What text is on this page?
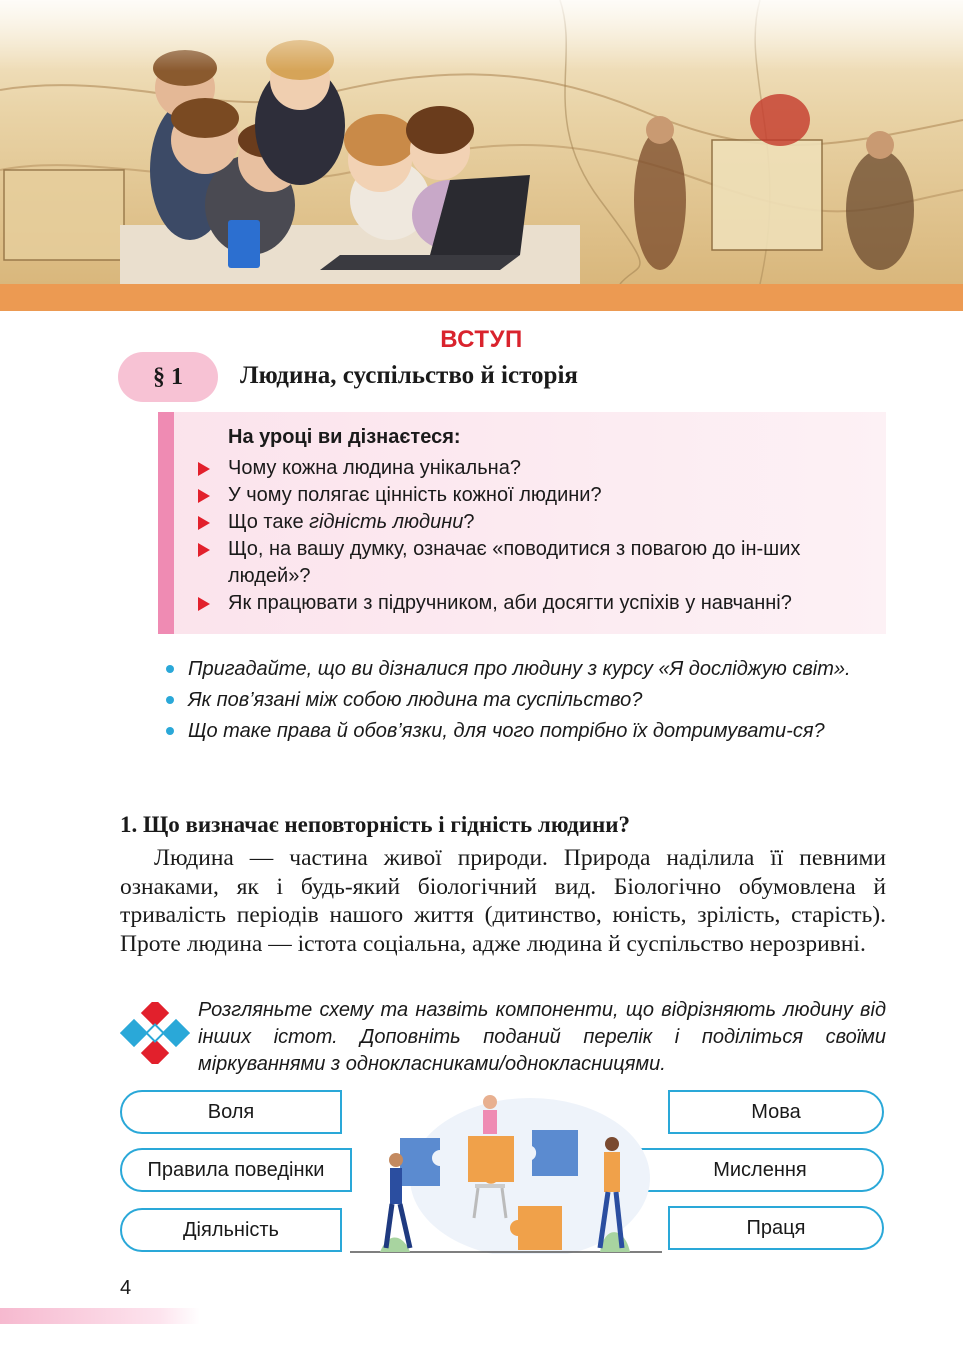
ВСТУП
§ 1	Людина, суспільство й історія
На уроці ви дізнаєтеся:
Чому кожна людина унікальна?
У чому полягає цінність кожної людини?
Що таке гідність людини?
Що, на вашу думку, означає «поводитися з повагою до ін-ших людей»?
Як працювати з підручником, аби досягти успіхів у навчанні?
Пригадайте, що ви дізналися про людину з курсу «Я досліджую світ».
Як пов’язані між собою людина та суспільство?
Що таке права й обов’язки, для чого потрібно їх дотримувати-ся?
1. Що визначає неповторність і гідність людини?

Людина — частина живої природи. Природа наділила її певними ознаками, як і будь-який біологічний вид. Біологічно обумовлена й тривалість періодів нашого життя (дитинство, юність, зрілість, старість). Проте людина — істота соціальна, адже людина й суспільство нерозривні.

Розгляньте схему та назвіть компоненти, що відрізняють людину від інших істот. Доповніть поданий перелік і поділіться своїми міркуваннями з однокласниками/однокласницями.

Воля
Правила поведінки
Діяльність
Мова
Мислення
Праця
4
